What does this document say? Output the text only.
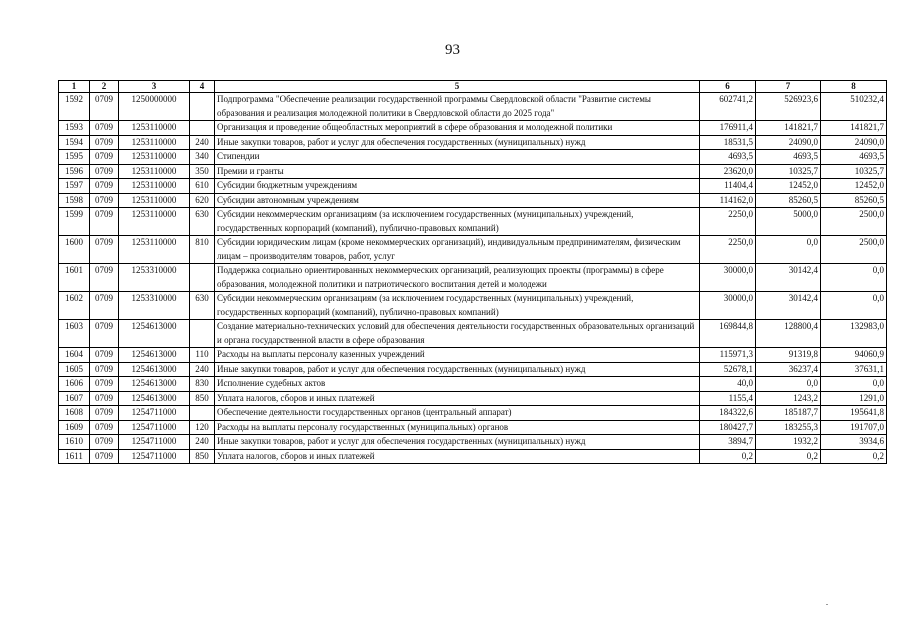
93
1	2	3	4	5	6	7	8
1592	0709	1250000000		Подпрограмма "Обеспечение реализации государственной программы Свердловской области "Развитие системы образования и реализация молодежной политики в Свердловской области до 2025 года"	602741,2	526923,6	510232,4
1593	0709	1253110000		Организация и проведение общеобластных мероприятий в сфере образования и молодежной политики	176911,4	141821,7	141821,7
1594	0709	1253110000	240	Иные закупки товаров, работ и услуг для обеспечения государственных (муниципальных) нужд	18531,5	24090,0	24090,0
1595	0709	1253110000	340	Стипендии	4693,5	4693,5	4693,5
1596	0709	1253110000	350	Премии и гранты	23620,0	10325,7	10325,7
1597	0709	1253110000	610	Субсидии бюджетным учреждениям	11404,4	12452,0	12452,0
1598	0709	1253110000	620	Субсидии автономным учреждениям	114162,0	85260,5	85260,5
1599	0709	1253110000	630	Субсидии некоммерческим организациям (за исключением государственных (муниципальных) учреждений, государственных корпораций (компаний), публично-правовых компаний)	2250,0	5000,0	2500,0
1600	0709	1253110000	810	Субсидии юридическим лицам (кроме некоммерческих организаций), индивидуальным предпринимателям, физическим лицам – производителям товаров, работ, услуг	2250,0	0,0	2500,0
1601	0709	1253310000		Поддержка социально ориентированных некоммерческих организаций, реализующих проекты (программы) в сфере образования, молодежной политики и патриотического воспитания детей и молодежи	30000,0	30142,4	0,0
1602	0709	1253310000	630	Субсидии некоммерческим организациям (за исключением государственных (муниципальных) учреждений, государственных корпораций (компаний), публично-правовых компаний)	30000,0	30142,4	0,0
1603	0709	1254613000		Создание материально-технических условий для обеспечения деятельности государственных образовательных организаций и органа государственной власти в сфере образования	169844,8	128800,4	132983,0
1604	0709	1254613000	110	Расходы на выплаты персоналу казенных учреждений	115971,3	91319,8	94060,9
1605	0709	1254613000	240	Иные закупки товаров, работ и услуг для обеспечения государственных (муниципальных) нужд	52678,1	36237,4	37631,1
1606	0709	1254613000	830	Исполнение судебных актов	40,0	0,0	0,0
1607	0709	1254613000	850	Уплата налогов, сборов и иных платежей	1155,4	1243,2	1291,0
1608	0709	1254711000		Обеспечение деятельности государственных органов (центральный аппарат)	184322,6	185187,7	195641,8
1609	0709	1254711000	120	Расходы на выплаты персоналу государственных (муниципальных) органов	180427,7	183255,3	191707,0
1610	0709	1254711000	240	Иные закупки товаров, работ и услуг для обеспечения государственных (муниципальных) нужд	3894,7	1932,2	3934,6
1611	0709	1254711000	850	Уплата налогов, сборов и иных платежей	0,2	0,2	0,2
